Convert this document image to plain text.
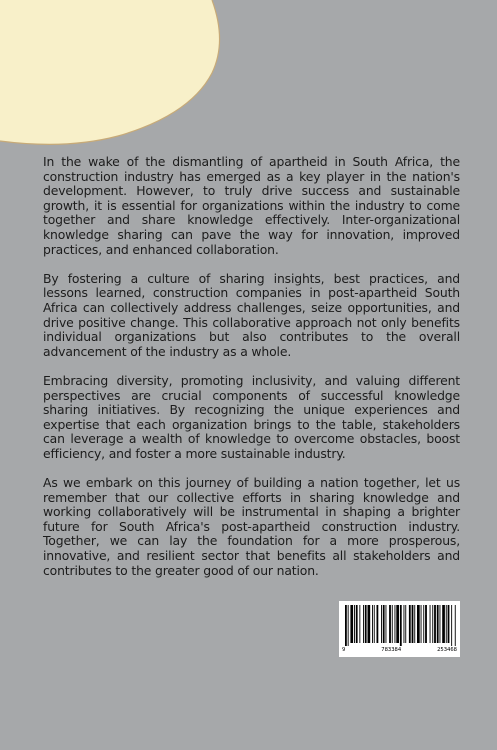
In the wake of the dismantling of apartheid in South Africa, the construction industry has emerged as a key player in the nation's development. However, to truly drive success and sustainable growth, it is essential for organizations within the industry to come together and share knowledge effectively. Inter-organizational knowledge sharing can pave the way for innovation, improved practices, and enhanced collaboration.

By fostering a culture of sharing insights, best practices, and lessons learned, construction companies in post-apartheid South Africa can collectively address challenges, seize opportunities, and drive positive change. This collaborative approach not only benefits individual organizations but also contributes to the overall advancement of the industry as a whole.

Embracing diversity, promoting inclusivity, and valuing different perspectives are crucial components of successful knowledge sharing initiatives. By recognizing the unique experiences and expertise that each organization brings to the table, stakeholders can leverage a wealth of knowledge to overcome obstacles, boost efficiency, and foster a more sustainable industry.

As we embark on this journey of building a nation together, let us remember that our collective efforts in sharing knowledge and working collaboratively will be instrumental in shaping a brighter future for South Africa's post-apartheid construction industry. Together, we can lay the foundation for a more prosperous, innovative, and resilient sector that benefits all stakeholders and contributes to the greater good of our nation.

9	783384	253468
